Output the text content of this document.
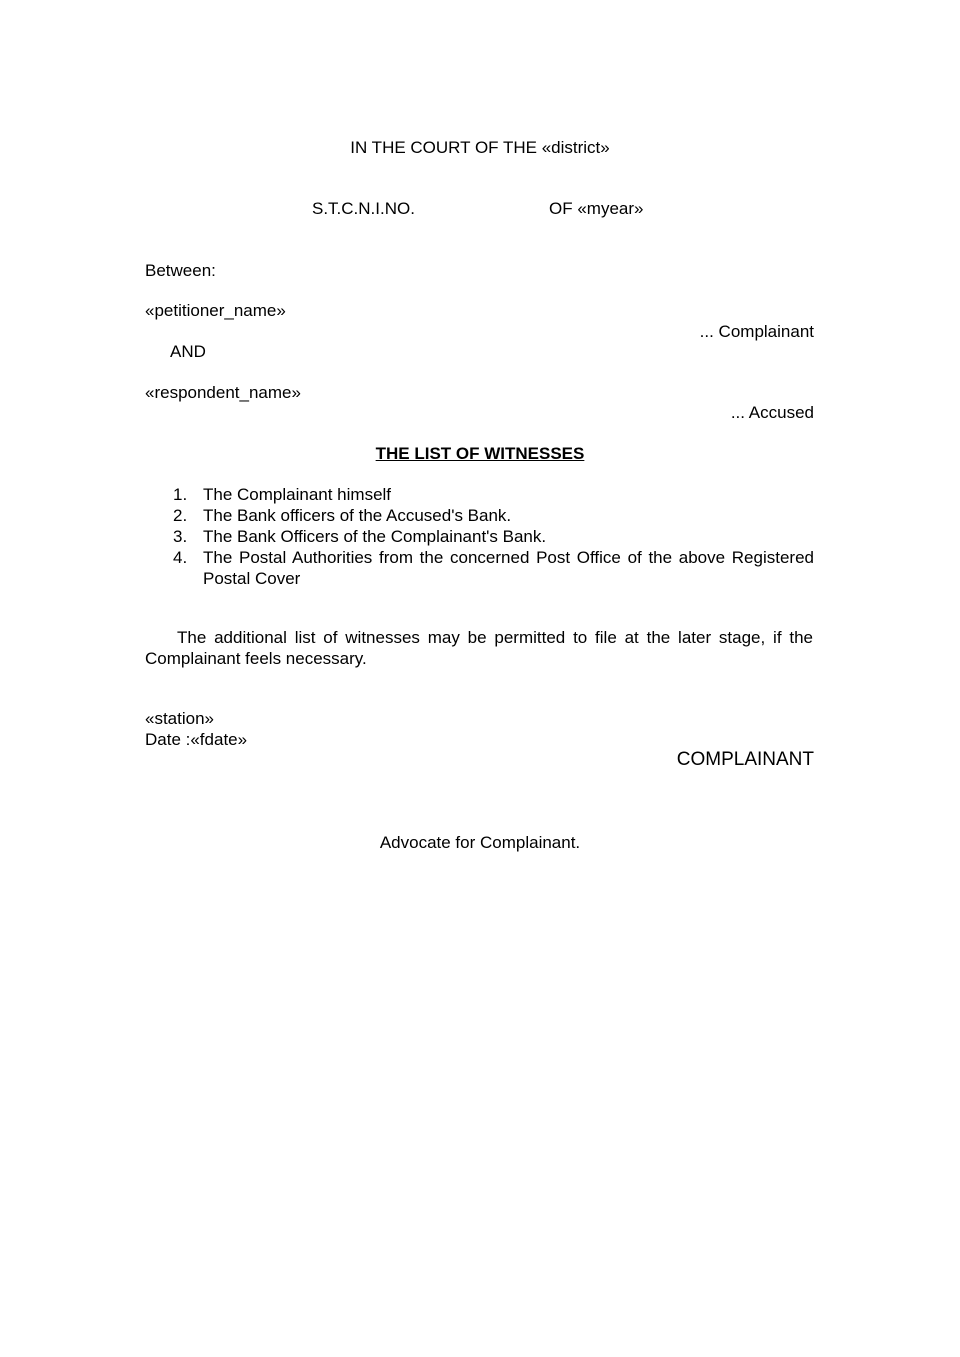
IN THE COURT OF THE «district»
S.T.C.N.I.NO.	OF «myear»
Between:
«petitioner_name»
... Complainant
AND
«respondent_name»
... Accused
THE LIST OF WITNESSES
1. The Complainant himself
2. The Bank officers of the Accused's Bank.
3. The Bank Officers of the Complainant's Bank.
4. The Postal Authorities from the concerned Post Office of the above Registered Postal Cover

The additional list of witnesses may be permitted to file at the later stage, if the Complainant feels necessary.

«station»
Date :«fdate»
COMPLAINANT
Advocate for Complainant.
